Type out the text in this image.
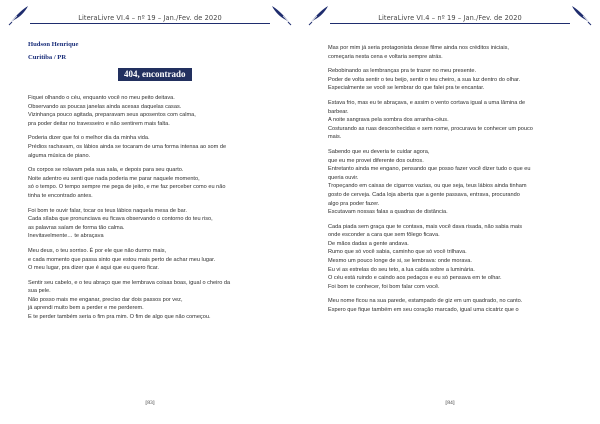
LiteraLivre VI.4 – nº 19 – Jan./Fev. de 2020
Hudson Henrique
Curitiba / PR
404, encontrado
Fiquei olhando o céu, enquanto você no meu peito deitava.
Observando as poucas janelas ainda acesas daquelas casas.
Vizinhança pouco agitada, preparavam seus aposentos com calma,
pra poder deitar no travesseiro e não sentirem mais falta.
Poderia dizer que foi o melhor dia da minha vida.
Prédios rachavam, os lábios ainda se tocaram de uma forma intensa ao som de
alguma música de piano.
Os corpos se rolavam pela sua sala, e depois para seu quarto.
Noite adentro eu senti que nada poderia me parar naquele momento,
só o tempo. O tempo sempre me pega de jeito, e me faz perceber como eu não
tinha te encontrado antes.
Foi bom te ouvir falar, tocar os teus lábios naquela mesa de bar.
Cada sílaba que pronunciava eu ficava observando o contorno do teu riso,
as palavras saíam de forma tão calma.
Inevitavelmente… te abraçava
Meu deus, o teu sorriso. É por ele que não durmo mais,
e cada momento que passa sinto que estou mais perto de achar meu lugar.
O meu lugar, pra dizer que é aqui que eu quero ficar.
Sentir seu cabelo, e o teu abraço que me lembrava coisas boas, igual o cheiro da
sua pele.
Não posso mais me enganar, preciso dar dois passos por vez,
já aprendi muito bem a perder e me perderem.
E te perder também seria o fim pra mim. O fim de algo que não começou.
[83]
LiteraLivre VI.4 – nº 19 – Jan./Fev. de 2020
Mas por mim já seria protagonista desse filme ainda nos créditos iniciais,
começaria nesta cena e voltaria sempre atrás.
Rebobinando as lembranças pra te trazer no meu presente.
Poder de volta sentir o teu beijo, sentir o teu cheiro, a sua luz dentro do olhar.
Especialmente se você se lembrar do que falei pra te encantar.
Estava frio, mas eu te abraçava, e assim o vento cortava igual a uma lâmina de
barbear.
A noite sangrava pela sombra dos arranha-céus.
Costurando as ruas desconhecidas e sem nome, procurava te conhecer um pouco
mais.
Sabendo que eu deveria te cuidar agora,
que eu me provei diferente dos outros.
Entretanto ainda me engano, pensando que posso fazer você dizer tudo o que eu
queria ouvir.
Tropeçando em caixas de cigarros vazias, ou que seja, teus lábios ainda tinham
gosto de cerveja. Cada loja aberta que a gente passava, entrava, procurando
algo pra poder fazer.
Escutavam nossas falas a quadras de distância.
Cada piada sem graça que te contava, mais você dava risada, não sabia mais
onde esconder a cara que sem fôlego ficava.
De mãos dadas a gente andava.
Rumo que só você sabia, caminho que só você trilhava.
Mesmo um pouco longe de si, se lembrava: onde morava.
Eu vi as estrelas do seu teto, a lua caída sobre a luminária.
O céu está ruindo e caindo aos pedaços e eu só pensava em te olhar.
Foi bom te conhecer, foi bom falar com você.
Meu nome ficou na sua parede, estampado de giz em um quadrado, no canto.
Espero que fique também em seu coração marcado, igual uma cicatriz que o
[84]
